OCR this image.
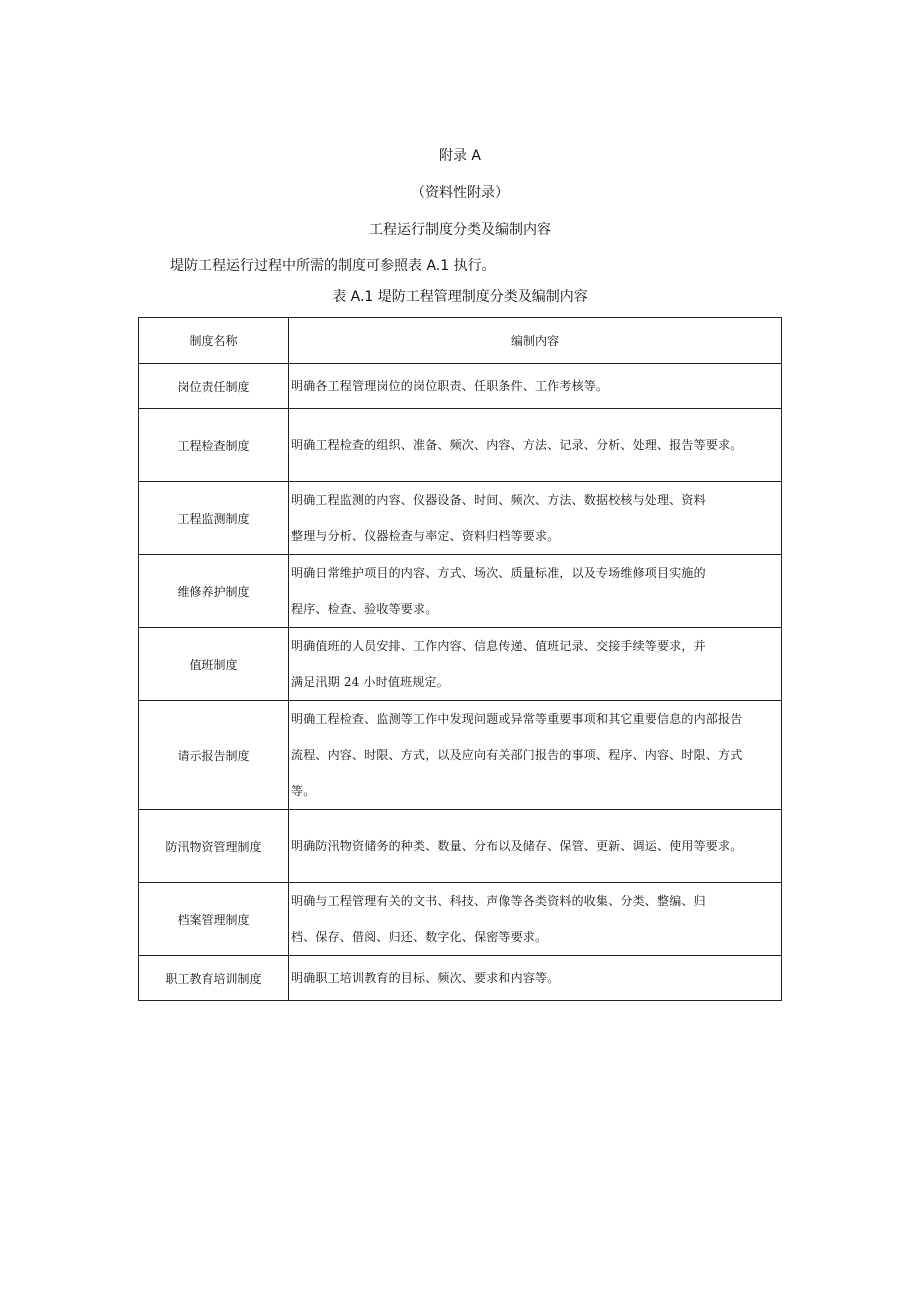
附录 A
（资料性附录）
工程运行制度分类及编制内容
堤防工程运行过程中所需的制度可参照表 A.1 执行。
表 A.1 堤防工程管理制度分类及编制内容
制度名称	编制内容
岗位责任制度	明确各工程管理岗位的岗位职责、任职条件、工作考核等。

工程检查制度	明确工程检查的组织、准备、频次、内容、方法、记录、分析、处理、报告等要求。

工程监测制度	明确工程监测的内容、仪器设备、时间、频次、方法、数据校核与处理、资料
整理与分析、仪器检查与率定、资料归档等要求。

维修养护制度	明确日常维护项目的内容、方式、场次、质量标准，以及专场维修项目实施的
程序、检查、验收等要求。

值班制度	明确值班的人员安排、工作内容、信息传递、值班记录、交接手续等要求，并
满足汛期 24 小时值班规定。

请示报告制度	明确工程检查、监测等工作中发现问题或异常等重要事项和其它重要信息的内部报告
流程、内容、时限、方式，以及应向有关部门报告的事项、程序、内容、时限、方式
等。

防汛物资管理制度	明确防汛物资储务的种类、数量、分布以及储存、保管、更新、调运、使用等要求。

档案管理制度	明确与工程管理有关的文书、科技、声像等各类资料的收集、分类、整编、归
档、保存、借阅、归还、数字化、保密等要求。

职工教育培训制度	明确职工培训教育的目标、频次、要求和内容等。
